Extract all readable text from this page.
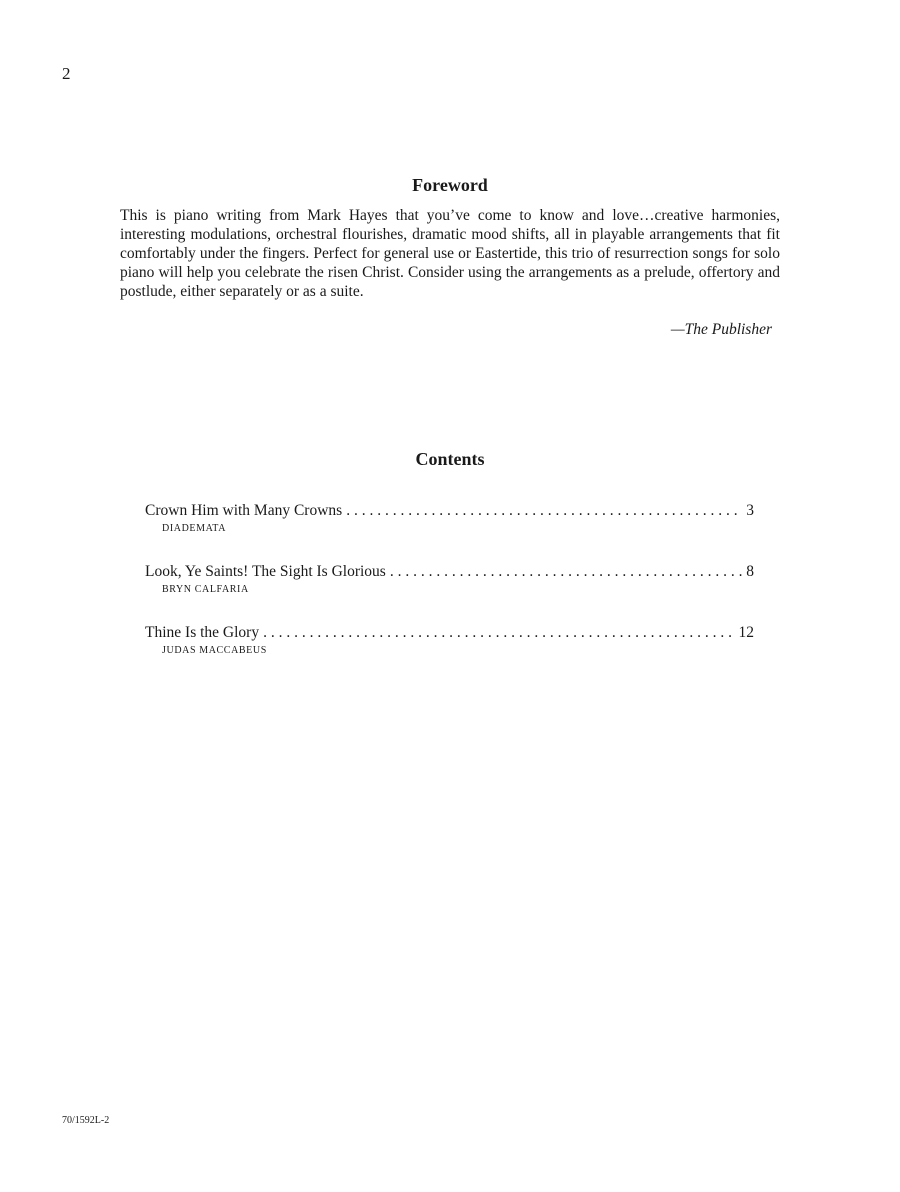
2
Foreword

This is piano writing from Mark Hayes that you’ve come to know and love…creative harmonies, interesting modulations, orchestral flourishes, dramatic mood shifts, all in playable arrangements that fit comfortably under the fingers. Perfect for general use or Eastertide, this trio of resurrection songs for solo piano will help you celebrate the risen Christ. Consider using the arrangements as a prelude, offertory and postlude, either separately or as a suite.

—The Publisher
Contents
Crown Him with Many Crowns . . .	3
DIADEMATA
Look, Ye Saints! The Sight Is Glorious . . .	8
BRYN CALFARIA
Thine Is the Glory . . .	12
JUDAS MACCABEUS
70/1592L-2
